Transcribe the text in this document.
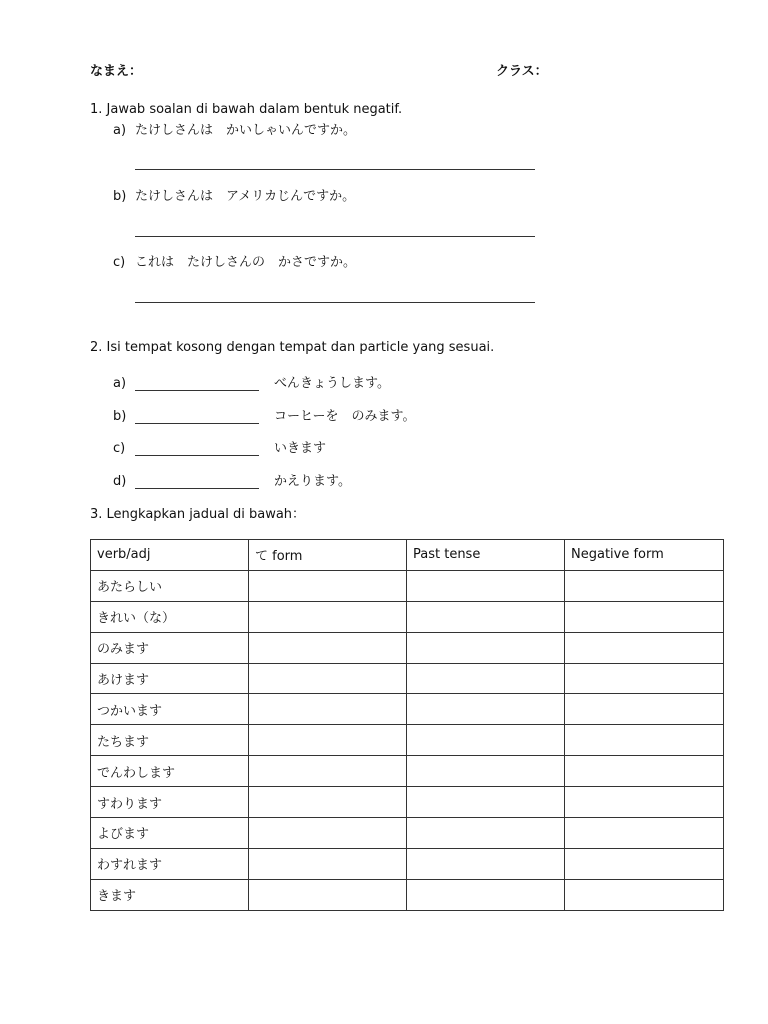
なまえ：	クラス：
1. Jawab soalan di bawah dalam bentuk negatif.
a) たけしさんは　かいしゃいんですか。
b) たけしさんは　アメリカじんですか。
c) これは　たけしさんの　かさですか。
2. Isi tempat kosong dengan tempat dan particle yang sesuai.
a)	べんきょうします。
b)	コーヒーを　のみます。
c)	いきます
d)	かえります。
3. Lengkapkan jadual di bawah：
verb/adj	て form	Past tense	Negative form
あたらしい			
きれい（な）			
のみます			
あけます			
つかいます			
たちます			
でんわします			
すわります			
よびます			
わすれます			
きます			
